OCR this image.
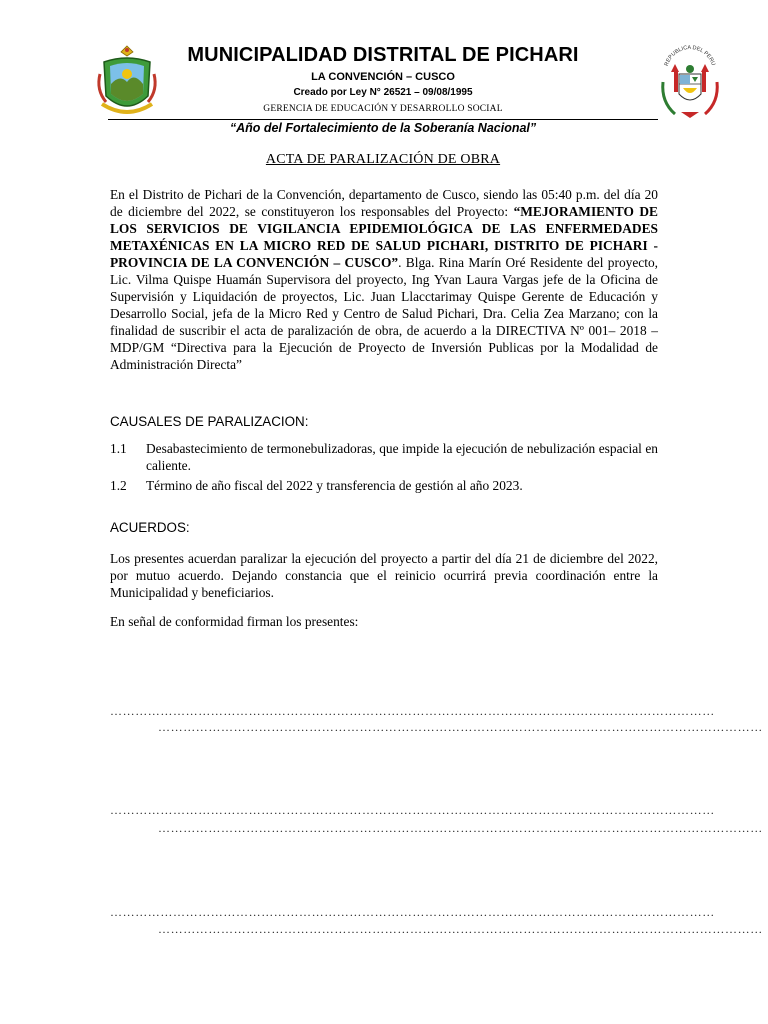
MUNICIPALIDAD DISTRITAL DE PICHARI
LA CONVENCIÓN – CUSCO
Creado por Ley N° 26521 – 09/08/1995
GERENCIA DE EDUCACIÓN Y DESARROLLO SOCIAL
REPUBLICA DEL PERU
“Año del Fortalecimiento de la Soberanía Nacional”
ACTA DE PARALIZACIÓN DE OBRA
En el Distrito de Pichari de la Convención, departamento de Cusco, siendo las 05:40 p.m. del día 20 de diciembre del 2022, se constituyeron los responsables del Proyecto: “MEJORAMIENTO DE LOS SERVICIOS DE VIGILANCIA EPIDEMIOLÓGICA DE LAS ENFERMEDADES METAXÉNICAS EN LA MICRO RED DE SALUD PICHARI, DISTRITO DE PICHARI - PROVINCIA DE LA CONVENCIÓN – CUSCO”. Blga. Rina Marín Oré Residente del proyecto, Lic. Vilma Quispe Huamán Supervisora del proyecto, Ing Yvan Laura Vargas jefe de la Oficina de Supervisión y Liquidación de proyectos, Lic. Juan Llacctarimay Quispe Gerente de Educación y Desarrollo Social, jefa de la Micro Red y Centro de Salud Pichari, Dra. Celia Zea Marzano; con la finalidad de suscribir el acta de paralización de obra, de acuerdo a la DIRECTIVA Nº 001– 2018 – MDP/GM “Directiva para la Ejecución de Proyecto de Inversión Publicas por la Modalidad de Administración Directa”
CAUSALES DE PARALIZACION:
1.1	Desabastecimiento de termonebulizadoras, que impide la ejecución de nebulización espacial en caliente.
1.2	Término de año fiscal del 2022 y transferencia de gestión al año 2023.
ACUERDOS:
Los presentes acuerdan paralizar la ejecución del proyecto a partir del día 21 de diciembre del 2022, por mutuo acuerdo. Dejando constancia que el reinicio ocurrirá previa coordinación entre la Municipalidad y beneficiarios.
En señal de conformidad firman los presentes:
………………………………………………………………………………………………………………………………
………………………………………………………………………………………………………………………………
………………………………………………………………………………………………………………………………
………………………………………………………………………………………………………………………………
………………………………………………………………………………………………………………………………
………………………………………………………………………………………………………………………………
